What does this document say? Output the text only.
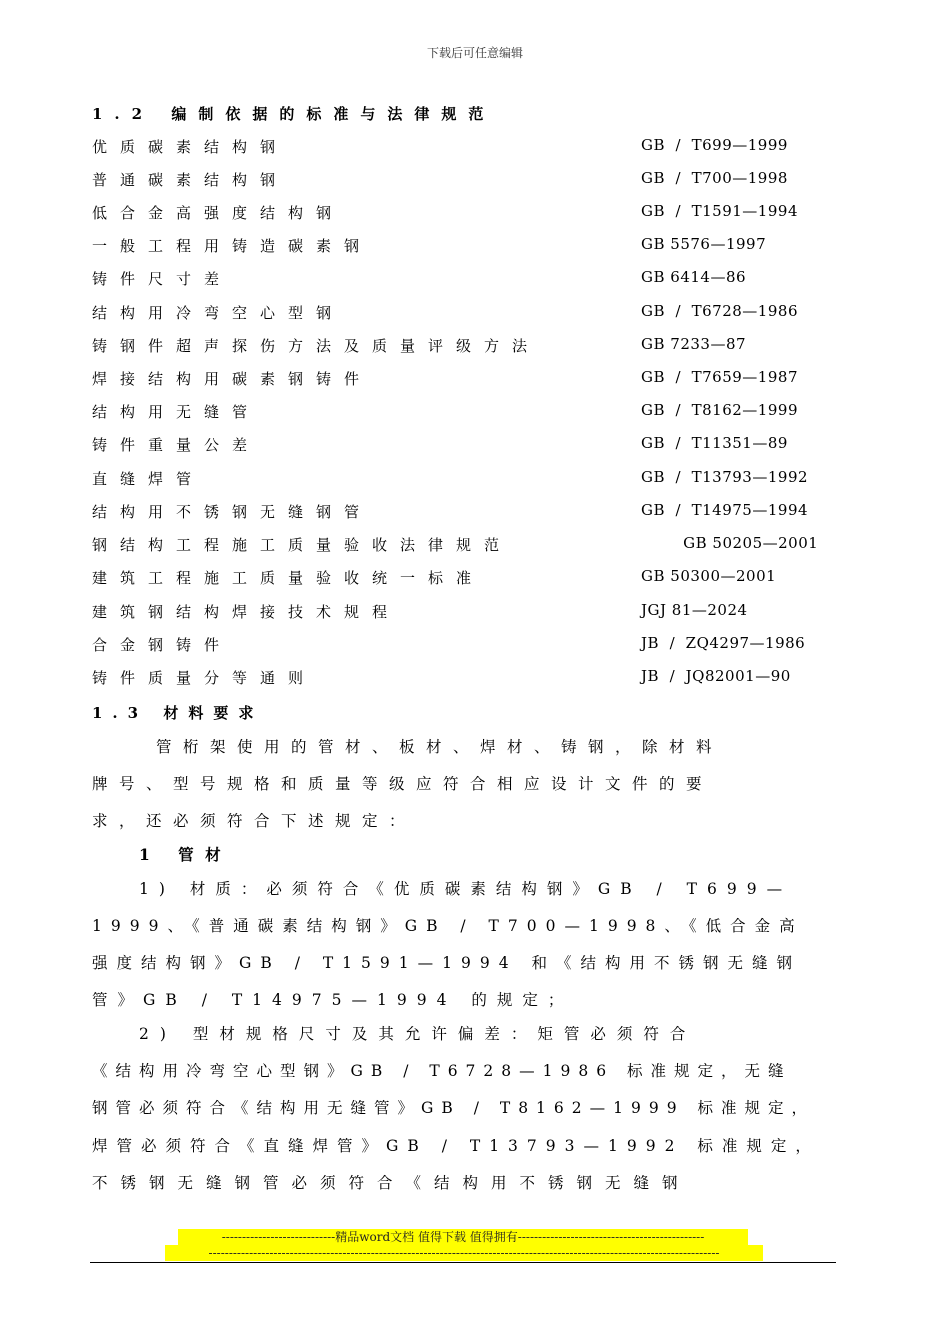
下载后可任意编辑
1.2 编制依据的标准与法律规范
优质碳素结构钢	GB  /  T699—1999
普通碳素结构钢	GB  /  T700—1998
低合金高强度结构钢	GB  /  T1591—1994
一般工程用铸造碳素钢	GB 5576—1997
铸件尺寸差	GB 6414—86
结构用冷弯空心型钢	GB  /  T6728—1986
铸钢件超声探伤方法及质量评级方法	GB 7233—87
焊接结构用碳素钢铸件	GB  /  T7659—1987
结构用无缝管	GB  /  T8162—1999
铸件重量公差	GB  /  T11351—89
直缝焊管	GB  /  T13793—1992
结构用不锈钢无缝钢管	GB  /  T14975—1994
钢结构工程施工质量验收法律规范	GB 50205—2001
建筑工程施工质量验收统一标准	GB 50300—2001
建筑钢结构焊接技术规程	JGJ 81—2024
合金钢铸件	JB  /  ZQ4297—1986
铸件质量分等通则	JB  /  JQ82001—90
1.3 材料要求
管桁架使用的管材、板材、焊材、铸钢，除材料
牌号、型号规格和质量等级应符合相应设计文件的要
求，还必须符合下述规定：
1 管材
1) 材质：必须符合《优质碳素结构钢》GB / T699—
1999、《普通碳素结构钢》GB / T700—1998、《低合金高
强度结构钢》GB / T1591—1994 和《结构用不锈钢无缝钢
管》GB / T14975—1994 的规定；
2) 型材规格尺寸及其允许偏差：矩管必须符合
《结构用冷弯空心型钢》GB / T6728—1986 标准规定，无缝
钢管必须符合《结构用无缝管》GB / T8162—1999 标准规定，
焊管必须符合《直缝焊管》GB / T13793—1992 标准规定，
不锈钢无缝钢管必须符合《结构用不锈钢无缝钢
----------------------------精品word文档 值得下载 值得拥有----------------------------------------------
------------------------------------------------------------------------------------------------------------------------------
